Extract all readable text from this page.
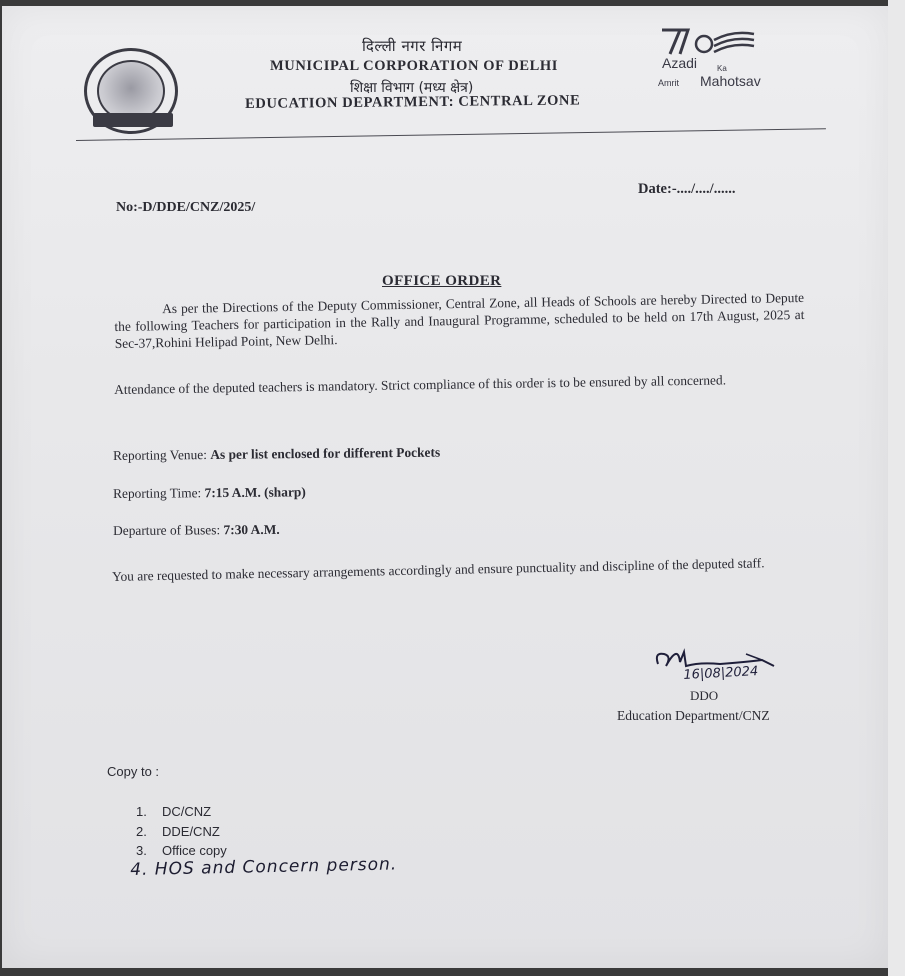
दिल्ली नगर निगम
MUNICIPAL CORPORATION OF DELHI
शिक्षा विभाग (मध्य क्षेत्र)
EDUCATION DEPARTMENT: CENTRAL ZONE
Azadi Ka
Amrit Mahotsav
No:-D/DDE/CNZ/2025/
Date:-..../..../......
OFFICE ORDER
As per the Directions of the Deputy Commissioner, Central Zone, all Heads of Schools are hereby Directed to Depute the following Teachers for participation in the Rally and Inaugural Programme, scheduled to be held on 17th August, 2025 at Sec-37,Rohini Helipad Point, New Delhi.
Attendance of the deputed teachers is mandatory. Strict compliance of this order is to be ensured by all concerned.
Reporting Venue: As per list enclosed for different Pockets
Reporting Time: 7:15 A.M. (sharp)
Departure of Buses: 7:30 A.M.
You are requested to make necessary arrangements accordingly and ensure punctuality and discipline of the deputed staff.
16|08|2024
DDO
Education Department/CNZ
Copy to :
1. DC/CNZ
2. DDE/CNZ
3. Office copy
4. HOS and Concern person.
